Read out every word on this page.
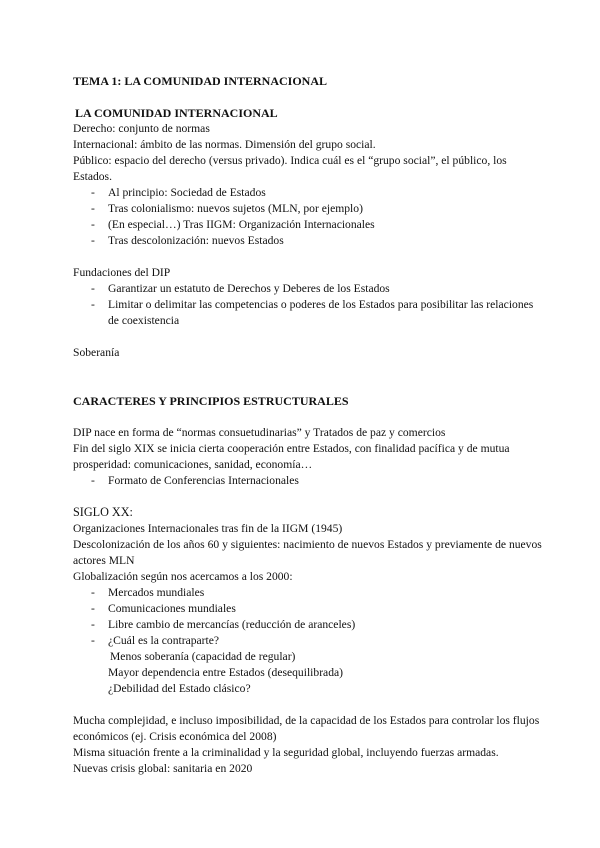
TEMA 1: LA COMUNIDAD INTERNACIONAL
LA COMUNIDAD INTERNACIONAL
Derecho: conjunto de normas
Internacional: ámbito de las normas. Dimensión del grupo social.
Público: espacio del derecho (versus privado). Indica cuál es el “grupo social”, el público, los Estados.
- Al principio: Sociedad de Estados
- Tras colonialismo: nuevos sujetos (MLN, por ejemplo)
- (En especial…) Tras IIGM: Organización Internacionales
- Tras descolonización: nuevos Estados
Fundaciones del DIP
- Garantizar un estatuto de Derechos y Deberes de los Estados
- Limitar o delimitar las competencias o poderes de los Estados para posibilitar las relaciones de coexistencia
Soberanía
CARACTERES Y PRINCIPIOS ESTRUCTURALES
DIP nace en forma de “normas consuetudinarias” y Tratados de paz y comercios
Fin del siglo XIX se inicia cierta cooperación entre Estados, con finalidad pacífica y de mutua prosperidad: comunicaciones, sanidad, economía…
- Formato de Conferencias Internacionales
SIGLO XX:
Organizaciones Internacionales tras fin de la IIGM (1945)
Descolonización de los años 60 y siguientes: nacimiento de nuevos Estados y previamente de nuevos actores MLN
Globalización según nos acercamos a los 2000:
- Mercados mundiales
- Comunicaciones mundiales
- Libre cambio de mercancías (reducción de aranceles)
- ¿Cuál es la contraparte?
Menos soberanía (capacidad de regular)
Mayor dependencia entre Estados (desequilibrada)
¿Debilidad del Estado clásico?
Mucha complejidad, e incluso imposibilidad, de la capacidad de los Estados para controlar los flujos económicos (ej. Crisis económica del 2008)
Misma situación frente a la criminalidad y la seguridad global, incluyendo fuerzas armadas.
Nuevas crisis global: sanitaria en 2020
